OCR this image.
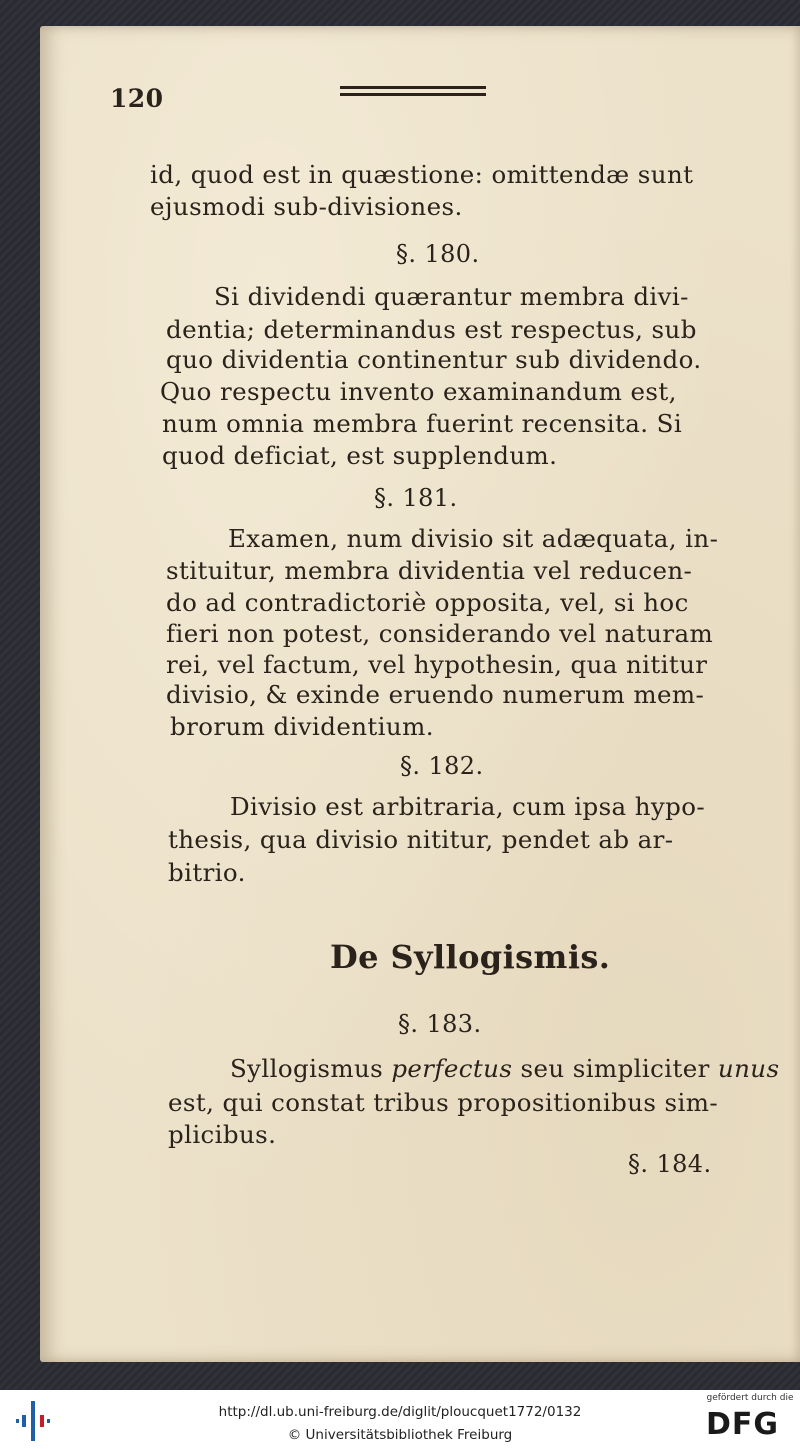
120
id, quod est in quæstione: omittendæ sunt
ejusmodi sub-divisiones.
§. 180.
Si dividendi quærantur membra divi-
dentia; determinandus est respectus, sub
quo dividentia continentur sub dividendo.
Quo respectu invento examinandum est,
num omnia membra fuerint recensita. Si
quod deficiat, est supplendum.
§. 181.
Examen, num divisio sit adæquata, in-
stituitur, membra dividentia vel reducen-
do ad contradictoriè opposita, vel, si hoc
fieri non potest, considerando vel naturam
rei, vel factum, vel hypothesin, qua nititur
divisio, & exinde eruendo numerum mem-
brorum dividentium.
§. 182.
Divisio est arbitraria, cum ipsa hypo-
thesis, qua divisio nititur, pendet ab ar-
bitrio.
De Syllogismis.
§. 183.
Syllogismus perfectus seu simpliciter unus
est, qui constat tribus propositionibus sim-
plicibus.
§. 184.
http://dl.ub.uni-freiburg.de/diglit/ploucquet1772/0132
© Universitätsbibliothek Freiburg
gefördert durch die
DFG
